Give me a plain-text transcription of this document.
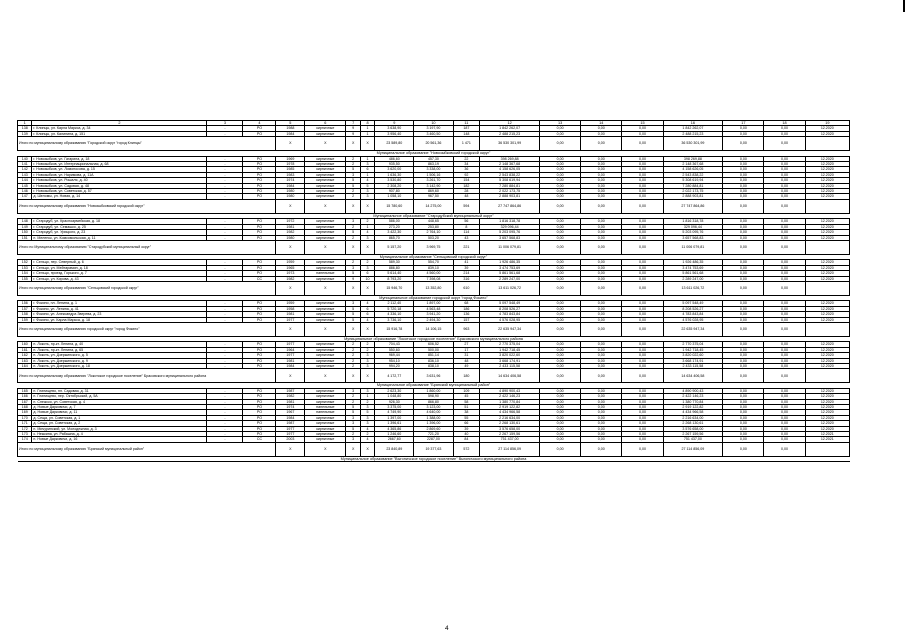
1	2	3	4	5	6	7	8	9	10	11	12	13	14	15	16	17	18	19
138	г. Клинцы, ул. Карла Маркса, д. 34	-	РО	1988	кирпичные	9	1	3 638,90	3 197,90	187	1 842 262,07	0,00	0,00	0,00	1 842 262,07	0,00	0,00	12.2020
139	г. Клинцы, ул. Калинина, д. 151	-	РО	1984	кирпичные	9	1	3 956,40	3 460,50	148	2 488 215,23	0,00	0,00	0,00	2 488 215,23	0,00	0,00	12.2020
Итого по муниципальному образованию "Городской округ "город Клинцы"				X	X	X	X	23 589,80	20 561,36	1 471	36 530 301,99	0,00	0,00	0,00	36 530 301,99	0,00	0,00	
Муниципальное образование "Новозыбковский городской округ"																		
140	г. Новозыбков, ул. Гагарина, д. 18	-	РО	1969	кирпичные	2	1	486,60	457,30	22	398 269,88	0,00	0,00	0,00	398 269,88	0,00	0,00	12.2020
141	г. Новозыбков, ул. Интернациональная, д. 68	-	РО	1978	кирпичные	2	3	935,50	863,19	34	2 148 367,68	0,00	0,00	0,00	2 148 367,68	0,00	0,00	12.2020
142	г. Новозыбков, ул. Ломоносова, д. 15	-	РО	1985	кирпичные	5	6	3 620,00	3 338,00	36	4 158 626,05	0,00	0,00	0,00	4 158 626,05	0,00	0,00	12.2020
143	г. Новозыбков, ул. Наримова, д. 11А	-	РО	1983	кирпичные	3	1	1 636,30	1 506,16	92	2 543 838,22	0,00	0,00	0,00	2 543 838,22	0,00	0,00	12.2020
144	г. Новозыбков, ул. Рошаля, д. 40	-	РО	1974	кирпичные	5	4	3 530,80	3 261,70	154	5 308 619,94	0,00	0,00	0,00	5 308 619,94	0,00	0,00	12.2020
145	г. Новозыбков, ул. Садовая, д. 48	-	РО	1984	кирпичные	5	5	2 308,20	3 142,90	182	7 280 884,81	0,00	0,00	0,00	7 280 884,81	0,00	0,00	12.2020
146	г. Новозыбков, ул. Советская, д. 57	-	РО	1980	кирпичные	2	3	907,80	869,60	28	2 022 173,75	0,00	0,00	0,00	2 022 173,75	0,00	0,00	12.2020
147	д. Шеломы, ул. Новая, д. 14	-	РО	1980	кирпичные	2	3	1 058,10	967,50	48	2 888 903,81	0,00	0,00	0,00	2 888 903,81	0,00	0,00	12.2020
Итого по муниципальному образованию "Новозыбковский городской округ"				X	X	X	X	15 780,60	14 275,00	594	27 747 864,86	0,00	0,00	0,00	27 747 864,86	0,00	0,00	
Муниципальное образование "Стародубский муниципальный округ"																		
148	г. Стародуб, ул. Красноармейская, д. 18	-	РО	1972	кирпичные	3	2	586,00	448,65	56	1 816 318,78	0,00	0,00	0,00	1 816 318,78	0,00	0,00	12.2020
149	г. Стародуб, ул. Семашко, д. 25	-	РО	1981	кирпичные	2	1	273,20	253,80	8	329 096,44	0,00	0,00	0,00	329 096,44	0,00	0,00	12.2020
150	г. Стародуб, ул. Урицкого, д. 23	-	РО	1982	кирпичные	5	4	3 422,30	2 764,10	114	5 203 095,76	0,00	0,00	0,00	5 203 095,76	0,00	0,00	12.2020
151	п. Меленск, ул. Комсомольская, д. 11	-	РО	1980	кирпичные	2	3	865,70	503,20	43	3 657 568,83	0,00	0,00	0,00	3 657 568,83	0,00	0,00	12.2020
Итого по Муниципальному образованию "Стародубский муниципальный округ"				X	X	X	X	5 157,20	3 969,75	221	11 006 079,81	0,00	0,00	0,00	11 006 079,81	0,00	0,00	
Муниципальное образование "Сельцовский городской округ"																		
152	г. Сельцо, пер. Северный, д. 6	-	РО	1959	кирпичные	2	2	589,30	554,70	41	1 926 486,35	0,00	0,00	0,00	1 926 486,35	0,00	0,00	12.2020
153	г. Сельцо, ул. Мейтарамин, д. 18	-	РО	1965	кирпичные	3	3	886,80	839,10	39	3 474 753,69	0,00	0,00	0,00	3 474 753,69	0,00	0,00	12.2020
154	г. Сельцо, проезд. Горького, д. 7	-	РО	1973	панельные	5	6	5 614,40	4 560,00	214	5 861 561,68	0,00	0,00	0,00	5 861 561,68	0,00	0,00	12.2020
155	г. Сельцо, ул. Кирова, д. 43	-	СС	1982	кирпичные	9	10	8 793,20	7 398,08	316	2 289 247,00	0,00	0,00	0,00	2 289 247,00	0,00	0,00	12.2020
Итого по муниципальному образованию "Сельцовский городской округ"				X	X	X	X	15 946,70	13 352,80	610	13 611 026,72	0,00	0,00	0,00	13 611 026,72	0,00	0,00	
Муниципальное образование городской округ "город Фокино"																		
156	г. Фокино, пл. Ленина, д. 1	-	РО	1959	кирпичные	3	4	2 112,40	1 897,00	68	5 097 548,49	0,00	0,00	0,00	5 097 548,49	0,00	0,00	12.2020
157	г. Фокино, ул. Ленина, д. 41	-	РО	1958	кирпичные	5	6	5 720,18	4 563,48	186	8 208 526,27	0,00	0,00	0,00	8 208 526,27	0,00	0,00	12.2020
158	г. Фокино, ул. Александра Зверева, д. 23	-	РО	1981	кирпичные	5	6	4 336,10	3 941,20	136	4 783 843,84	0,00	0,00	0,00	4 783 843,84	0,00	0,00	12.2020
159	г. Фокино, ул. Карла Маркса, д. 18	-	РО	1977	кирпичные	5	4	3 736,10	2 494,30	157	4 576 028,95	0,00	0,00	0,00	4 576 028,95	0,00	0,00	12.2020
Итого по муниципальному образованию городской округ "город Фокино"				X	X	X	X	15 916,78	14 106,15	963	22 635 947,34	0,00	0,00	0,00	22 635 947,34	0,00	0,00	
Муниципальное образование "Локотское городское поселение" Брасовского муниципального района																		
160	п. Локоть, пр-кт. Ленина, д. 40	-	РО	1977	кирпичные	2	2	704,43	606,52	27	2 770 375,04	0,00	0,00	0,00	2 770 375,04	0,00	0,00	12.2020
161	п. Локоть, пр-кт. Ленина, д. 65	-	РО	1964	кирпичные	2	2	550,60	500,00	17	1 942 718,45	0,00	0,00	0,00	1 942 718,45	0,00	0,00	12.2020
162	п. Локоть, ул. Дзержинского, д. 5	-	РО	1977	кирпичные	2	3	969,44	851,14	31	3 820 022,60	0,00	0,00	0,00	3 820 022,60	0,00	0,00	12.2020
163	п. Локоть, ул. Дзержинского, д. 9	-	РО	1981	кирпичные	2	3	954,10	836,10	48	3 668 174,91	0,00	0,00	0,00	3 668 174,91	0,00	0,00	12.2020
164	п. Локоть, ул. Дзержинского, д. 18	-	РО	1984	кирпичные	2	3	994,20	838,10	49	2 433 115,58	0,00	0,00	0,00	2 433 115,58	0,00	0,00	12.2020
Итого по муниципальному образованию "Локотское городское поселение" Брасовского муниципального района				X	X	X	X	4 172,77	3 631,96	180	14 634 406,58	0,00	0,00	0,00	14 634 406,58	0,00	0,00	
Муниципальное образование "Брянский муниципальный район"																		
165	п. Глинищево, пл. Садовая, д. 31	-	РО	1987	кирпичные	3	3	2 623,30	1 860,00	109	4 890 900,43	0,00	0,00	0,00	4 890 900,43	0,00	0,00	12.2020
166	п. Глинищево, пер. Октябрьский, д. 5А	-	РО	1982	кирпичные	2	1	1 048,80	598,90	45	2 422 146,23	0,00	0,00	0,00	2 422 146,23	0,00	0,00	12.2020
167	п. Снежско, ул. Советская, д. 4	-	РО	1981	кирпичные	2	2	926,30	866,80	58	1 380 770,84	0,00	0,00	0,00	1 380 770,84	0,00	0,00	12.2020
168	д. Новые Дарковичи, д. 7	-	РО	1974	панельные	5	3	3 375,00	3 123,00	51	2 919 122,82	0,00	0,00	0,00	2 919 122,82	0,00	0,00	12.2020
169	д. Новые Дарковичи, д. 11	-	РО	1967	панельные	5	5	4 749,90	4 640,00	38	4 434 966,58	0,00	0,00	0,00	4 434 966,58	0,00	0,00	12.2020
170	д. Сеща, ул. Советская, д. 1	-	РО	1984	кирпичные	3	3	1 397,00	1 388,00	55	2 216 634,00	0,00	0,00	0,00	2 216 634,00	0,00	0,00	12.2020
171	д. Сеща, ул. Советская, д. 2	-	РО	1987	кирпичные	3	3	1 396,61	1 396,00	66	2 268 130,61	0,00	0,00	0,00	2 268 130,61	0,00	0,00	12.2020
172	п. Мичуринский, ул. Молодежная, д. 3	-	РО	1977	кирпичные	5	4	4 365,86	2 869,60	39	3 576 658,00	0,00	0,00	0,00	3 576 658,00	0,00	0,00	12.2020
173	с. Нежкина, ул. Рабашна, д. 4	-	РО	1977	кирпичные	2	2	1 246,60	721,20	40	2 267 159,56	0,00	0,00	0,00	2 267 159,56	0,00	0,00	12.2021
174	п. Новые Дарковичи, д. 16	-	СС	2003	кирпичные	3	4	2667,60	2287,00	84	751 437,00	0,00	0,00	0,00	751 437,00	0,00	0,00	12.2021
Итого по муниципальному образованию "Брянский муниципальный район"				X	X	X	X	23 840,89	19 377,63	572	27 114 856,09	0,00	0,00	0,00	27 114 856,09	0,00	0,00	
Муниципальное образование "Выгоничское городское поселение" Выгоничского муниципального района																		
4
